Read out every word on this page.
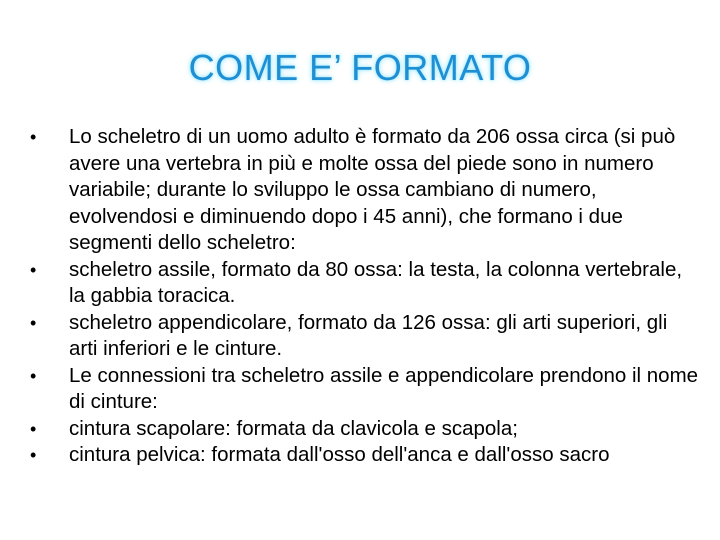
COME E’ FORMATO
• Lo scheletro di un uomo adulto è formato da 206 ossa circa (si può avere una vertebra in più e molte ossa del piede sono in numero variabile; durante lo sviluppo le ossa cambiano di numero, evolvendosi e diminuendo dopo i 45 anni), che formano i due segmenti dello scheletro:
• scheletro assile, formato da 80 ossa: la testa, la colonna vertebrale, la gabbia toracica.
• scheletro appendicolare, formato da 126 ossa: gli arti superiori, gli arti inferiori e le cinture.
• Le connessioni tra scheletro assile e appendicolare prendono il nome di cinture:
• cintura scapolare: formata da clavicola e scapola;
• cintura pelvica: formata dall'osso dell'anca e dall'osso sacro
